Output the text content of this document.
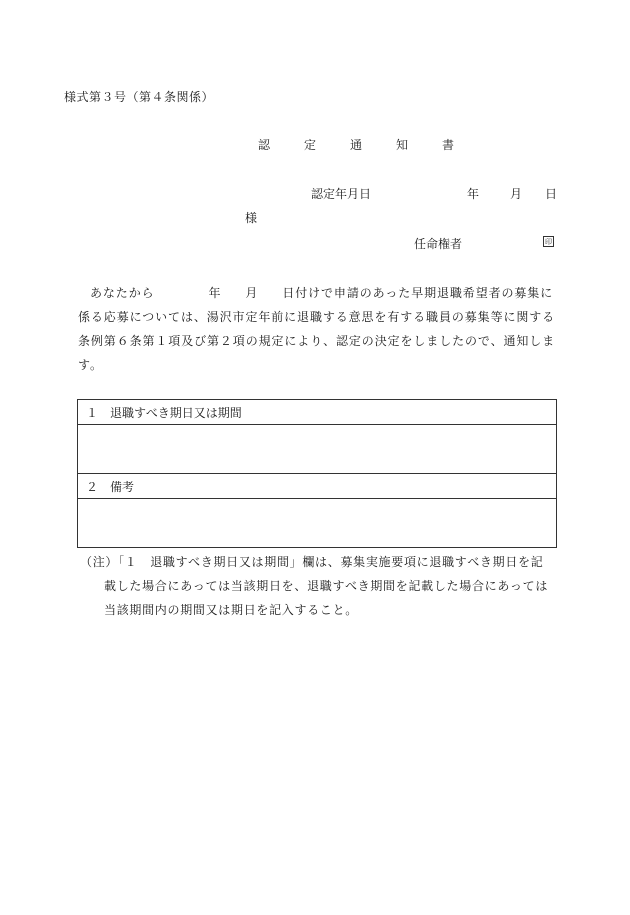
様式第３号（第４条関係）
認　定　通　知　書
認定年月日	年	月 日
様
任命権者	印
あなたから	年 月 日付けで申請のあった早期退職希望者の募集に係る応募については、湯沢市定年前に退職する意思を有する職員の募集等に関する条例第６条第１項及び第２項の規定により、認定の決定をしましたので、通知します。
１　退職すべき期日又は期間

２　備考

（注）「１　退職すべき期日又は期間」欄は、募集実施要項に退職すべき期日を記
載した場合にあっては当該期日を、退職すべき期間を記載した場合にあっては
当該期間内の期間又は期日を記入すること。
